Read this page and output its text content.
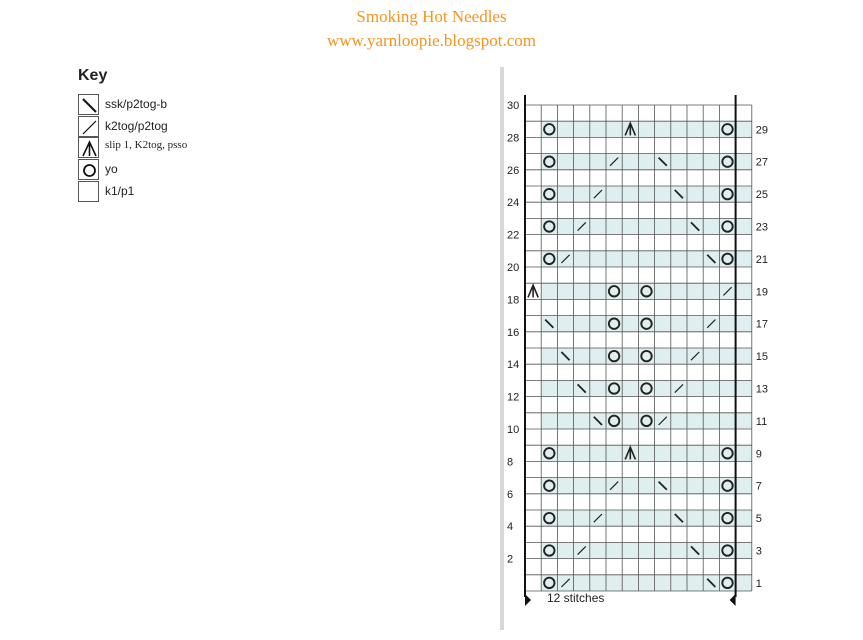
Smoking Hot Needles
www.yarnloopie.blogspot.com
Key
ssk/p2tog-b
k2tog/p2tog
slip 1, K2tog, psso
yo
k1/p1
1
2
3
4
5
6
7
8
9
10
11
12
13
14
15
16
17
18
19
20
21
22
23
24
25
26
27
28
29
30
12 stitches
